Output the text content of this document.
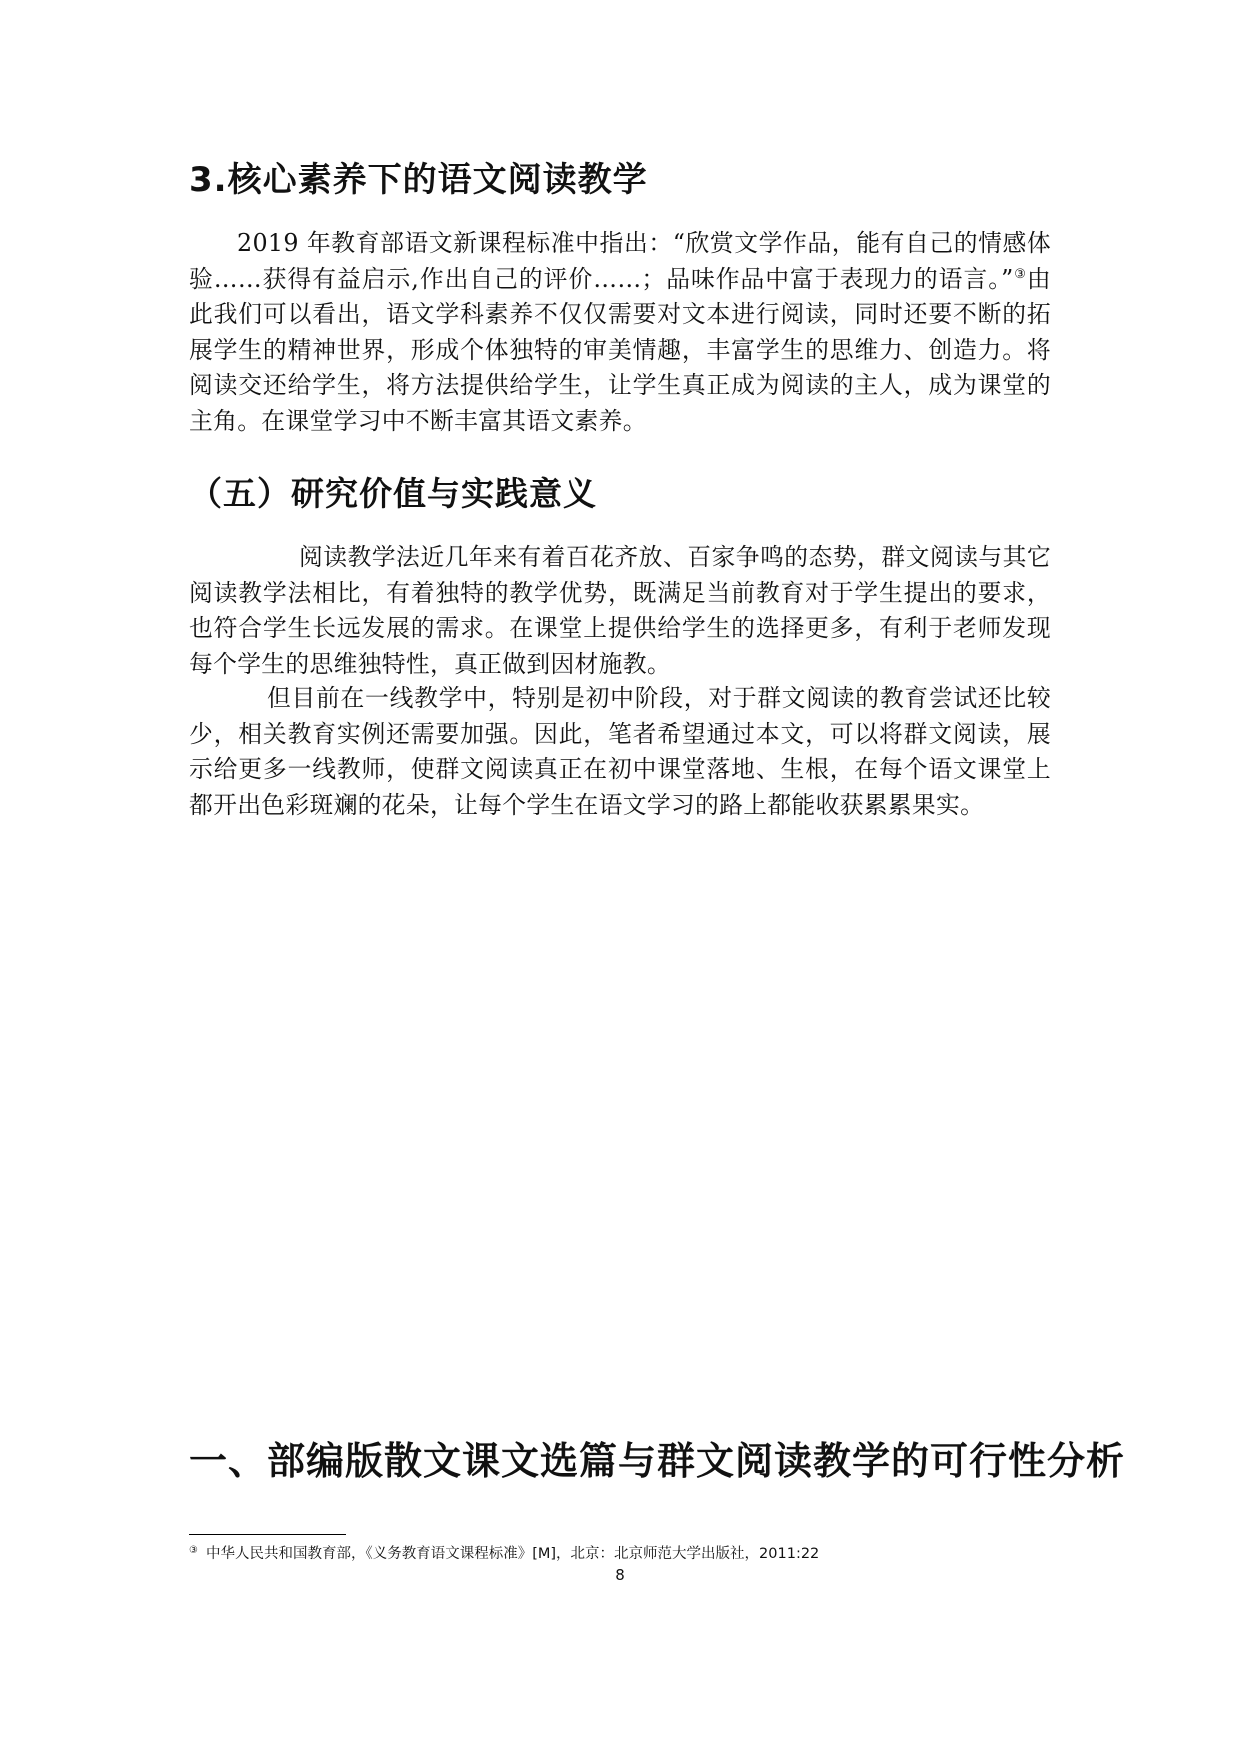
3.核心素养下的语文阅读教学

2019 年教育部语文新课程标准中指出：“欣赏文学作品，能有自己的情感体验……获得有益启示,作出自己的评价……；品味作品中富于表现力的语言。”③由此我们可以看出，语文学科素养不仅仅需要对文本进行阅读，同时还要不断的拓展学生的精神世界，形成个体独特的审美情趣，丰富学生的思维力、创造力。将阅读交还给学生，将方法提供给学生，让学生真正成为阅读的主人，成为课堂的主角。在课堂学习中不断丰富其语文素养。

（五）研究价值与实践意义

阅读教学法近几年来有着百花齐放、百家争鸣的态势，群文阅读与其它阅读教学法相比，有着独特的教学优势，既满足当前教育对于学生提出的要求，也符合学生长远发展的需求。在课堂上提供给学生的选择更多，有利于老师发现每个学生的思维独特性，真正做到因材施教。

但目前在一线教学中，特别是初中阶段，对于群文阅读的教育尝试还比较少，相关教育实例还需要加强。因此，笔者希望通过本文，可以将群文阅读，展示给更多一线教师，使群文阅读真正在初中课堂落地、生根，在每个语文课堂上都开出色彩斑斓的花朵，让每个学生在语文学习的路上都能收获累累果实。

一、部编版散文课文选篇与群文阅读教学的可行性分析

③ 中华人民共和国教育部，《义务教育语文课程标准》[M]，北京：北京师范大学出版社，2011:22

8
